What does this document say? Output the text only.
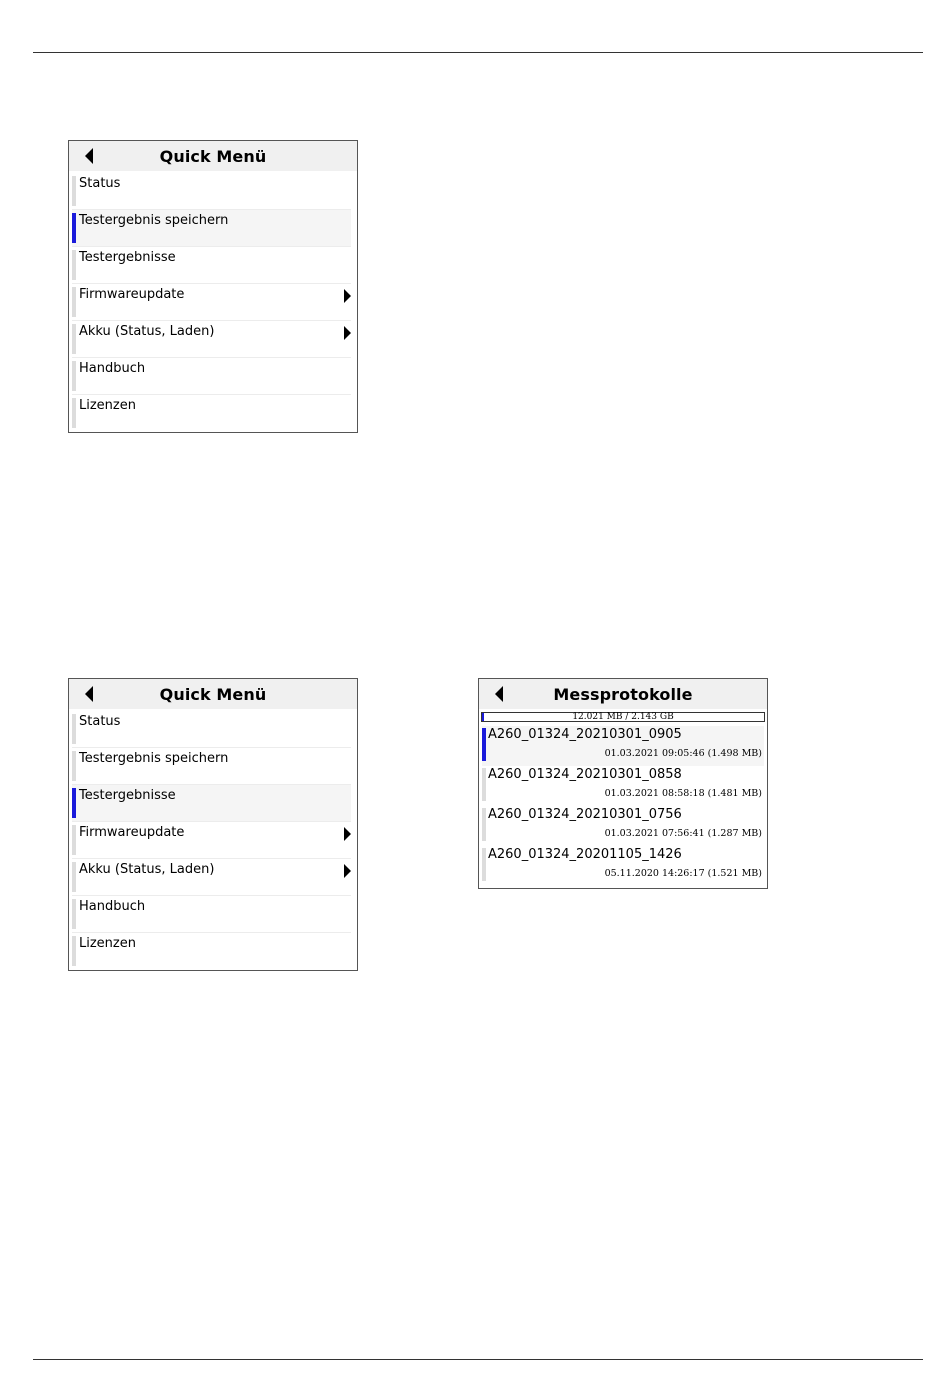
Quick Menü
Status
Testergebnis speichern
Testergebnisse
Firmwareupdate
Akku (Status, Laden)
Handbuch
Lizenzen
Quick Menü
Status
Testergebnis speichern
Testergebnisse
Firmwareupdate
Akku (Status, Laden)
Handbuch
Lizenzen
Messprotokolle
12.021 MB / 2.143 GB
A260_01324_20210301_0905
01.03.2021 09:05:46 (1.498 MB)
A260_01324_20210301_0858
01.03.2021 08:58:18 (1.481 MB)
A260_01324_20210301_0756
01.03.2021 07:56:41 (1.287 MB)
A260_01324_20201105_1426
05.11.2020 14:26:17 (1.521 MB)
